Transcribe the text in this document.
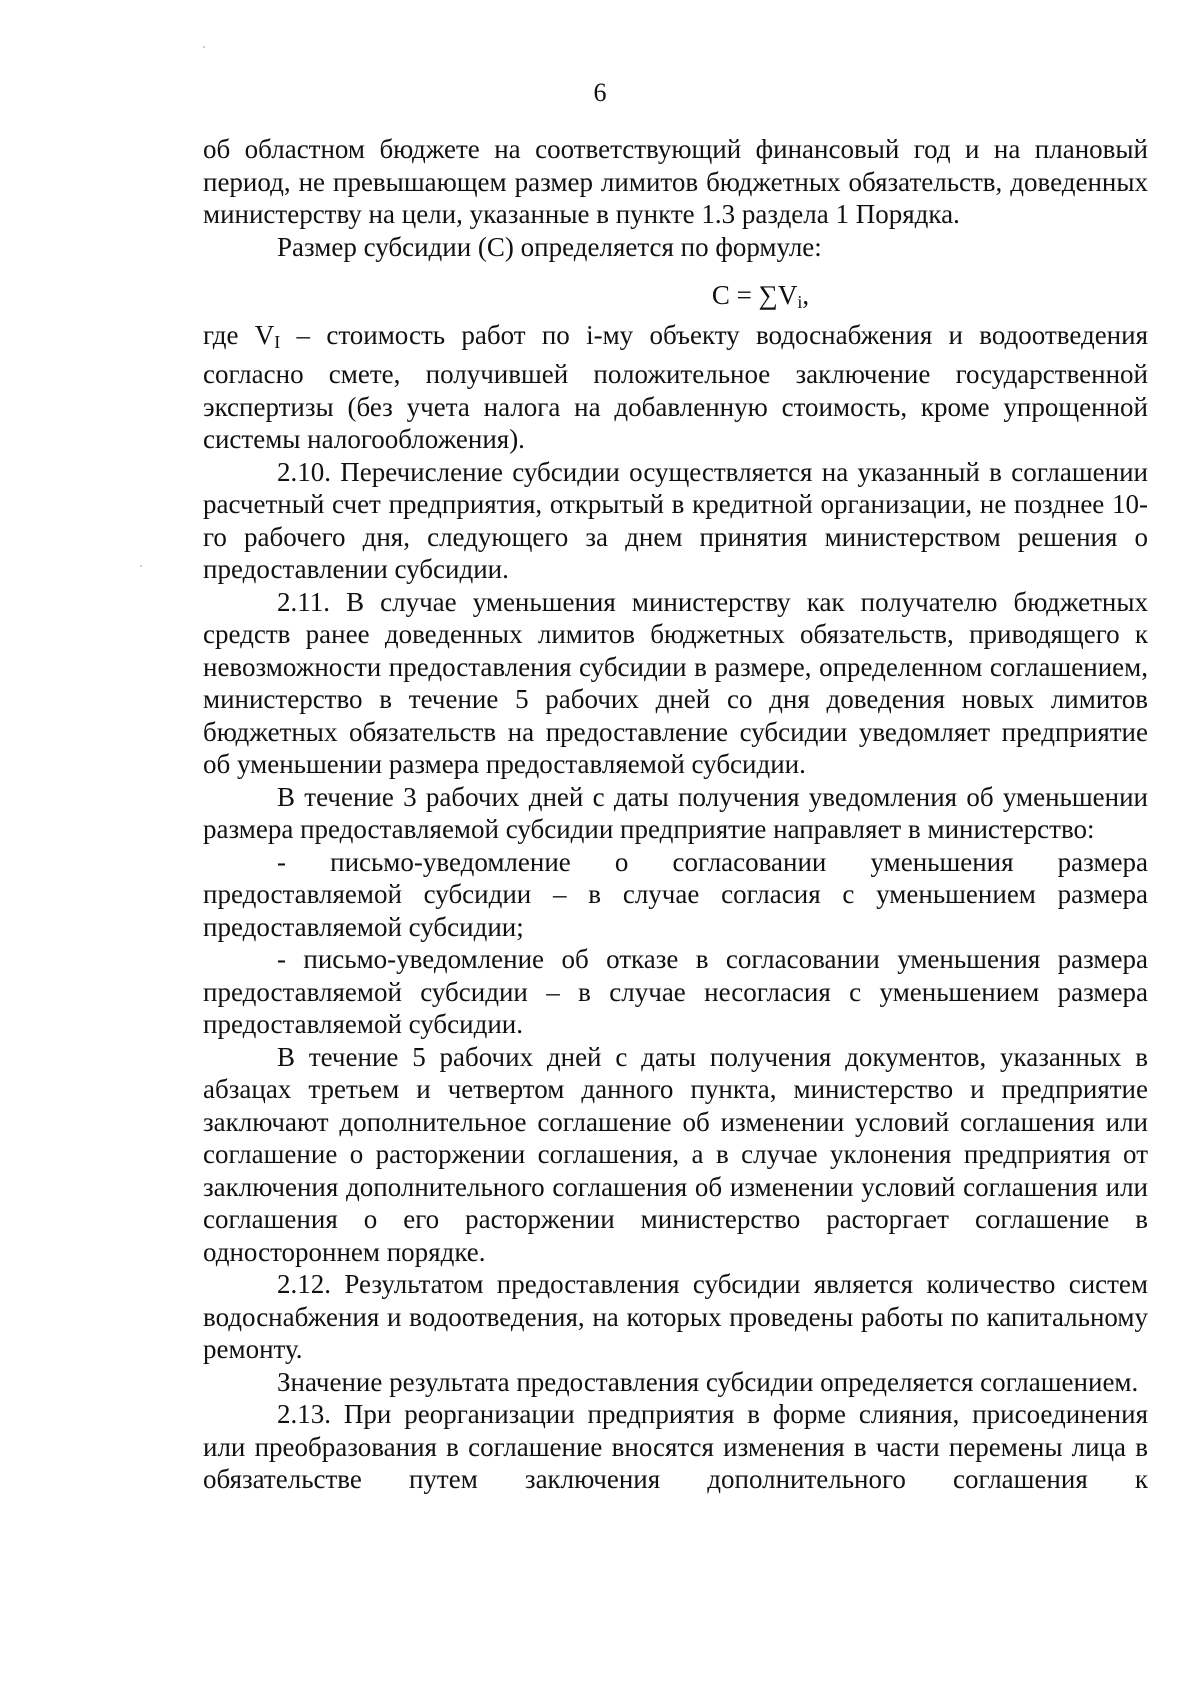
6

об областном бюджете на соответствующий финансовый год и на плановый период, не превышающем размер лимитов бюджетных обязательств, доведенных министерству на цели, указанные в пункте 1.3 раздела 1 Порядка.

Размер субсидии (С) определяется по формуле:

С = ∑Vi,

где VI – стоимость работ по i-му объекту водоснабжения и водоотведения согласно смете, получившей положительное заключение государственной экспертизы (без учета налога на добавленную стоимость, кроме упрощенной системы налогообложения).

2.10. Перечисление субсидии осуществляется на указанный в соглашении расчетный счет предприятия, открытый в кредитной организации, не позднее 10-го рабочего дня, следующего за днем принятия министерством решения о предоставлении субсидии.

2.11. В случае уменьшения министерству как получателю бюджетных средств ранее доведенных лимитов бюджетных обязательств, приводящего к невозможности предоставления субсидии в размере, определенном соглашением, министерство в течение 5 рабочих дней со дня доведения новых лимитов бюджетных обязательств на предоставление субсидии уведомляет предприятие об уменьшении размера предоставляемой субсидии.

В течение 3 рабочих дней с даты получения уведомления об уменьшении размера предоставляемой субсидии предприятие направляет в министерство:

- письмо-уведомление о согласовании уменьшения размера предоставляемой субсидии – в случае согласия с уменьшением размера предоставляемой субсидии;

- письмо-уведомление об отказе в согласовании уменьшения размера предоставляемой субсидии – в случае несогласия с уменьшением размера предоставляемой субсидии.

В течение 5 рабочих дней с даты получения документов, указанных в абзацах третьем и четвертом данного пункта, министерство и предприятие заключают дополнительное соглашение об изменении условий соглашения или соглашение о расторжении соглашения, а в случае уклонения предприятия от заключения дополнительного соглашения об изменении условий соглашения или соглашения о его расторжении министерство расторгает соглашение в одностороннем порядке.

2.12. Результатом предоставления субсидии является количество систем водоснабжения и водоотведения, на которых проведены работы по капитальному ремонту.

Значение результата предоставления субсидии определяется соглашением.

2.13. При реорганизации предприятия в форме слияния, присоединения или преобразования в соглашение вносятся изменения в части перемены лица в обязательстве путем заключения дополнительного соглашения к
